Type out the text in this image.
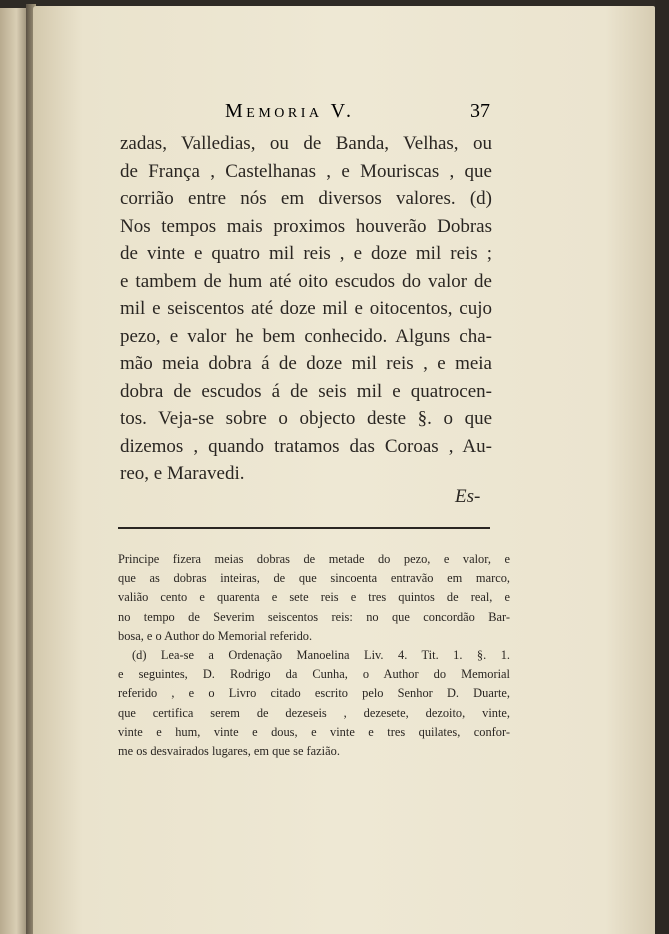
Memoria V.	37
zadas, Valledias, ou de Banda, Velhas, ou
de França , Castelhanas , e Mouriscas , que
corrião entre nós em diversos valores. (d)
Nos tempos mais proximos houverão Dobras
de vinte e quatro mil reis , e doze mil reis ;
e tambem de hum até oito escudos do valor de
mil e seiscentos até doze mil e oitocentos, cujo
pezo, e valor he bem conhecido. Alguns cha-
mão meia dobra á de doze mil reis , e meia
dobra de escudos á de seis mil e quatrocen-
tos. Veja-se sobre o objecto deste §. o que
dizemos , quando tratamos das Coroas , Au-
reo, e Maravedi.
Es-
Principe fizera meias dobras de metade do pezo, e valor, e
que as dobras inteiras, de que sincoenta entravão em marco,
valião cento e quarenta e sete reis e tres quintos de real, e
no tempo de Severim seiscentos reis: no que concordão Bar-
bosa, e o Author do Memorial referido.
(d) Lea-se a Ordenação Manoelina Liv. 4. Tit. 1. §. 1.
e seguintes, D. Rodrigo da Cunha, o Author do Memorial
referido , e o Livro citado escrito pelo Senhor D. Duarte,
que certifica serem de dezeseis , dezesete, dezoito, vinte,
vinte e hum, vinte e dous, e vinte e tres quilates, confor-
me os desvairados lugares, em que se fazião.
